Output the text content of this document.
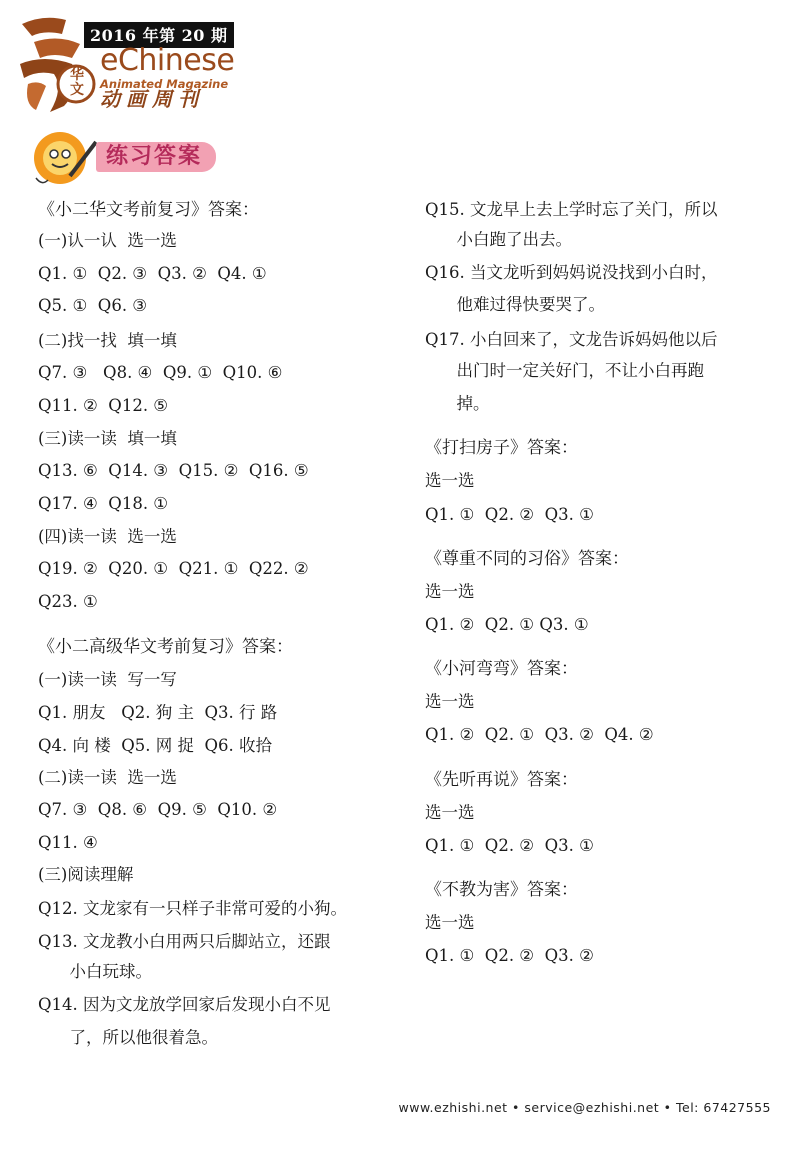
华文
2016 年第 20 期
eChinese
Animated Magazine
动画周刊
练习答案
《小二华文考前复习》答案：
(一)认一认  选一选
Q1. ①  Q2. ③  Q3. ②  Q4. ①
Q5. ①  Q6. ③
(二)找一找  填一填
Q7. ③   Q8. ④  Q9. ①  Q10. ⑥
Q11. ②  Q12. ⑤
(三)读一读  填一填
Q13. ⑥  Q14. ③  Q15. ②  Q16. ⑤
Q17. ④  Q18. ①
(四)读一读  选一选
Q19. ②  Q20. ①  Q21. ①  Q22. ②
Q23. ①
《小二高级华文考前复习》答案：
(一)读一读  写一写
Q1. 朋友   Q2. 狗 主  Q3. 行 路
Q4. 向 楼  Q5. 网 捉  Q6. 收拾
(二)读一读  选一选
Q7. ③  Q8. ⑥  Q9. ⑤  Q10. ②
Q11. ④
(三)阅读理解
Q12. 文龙家有一只样子非常可爱的小狗。
Q13. 文龙教小白用两只后脚站立，还跟
小白玩球。
Q14. 因为文龙放学回家后发现小白不见
了，所以他很着急。
Q15. 文龙早上去上学时忘了关门，所以
小白跑了出去。
Q16. 当文龙听到妈妈说没找到小白时，
他难过得快要哭了。
Q17. 小白回来了，文龙告诉妈妈他以后
出门时一定关好门，不让小白再跑
掉。
《打扫房子》答案：
选一选
Q1. ①  Q2. ②  Q3. ①
《尊重不同的习俗》答案：
选一选
Q1. ②  Q2. ① Q3. ①
《小河弯弯》答案：
选一选
Q1. ②  Q2. ①  Q3. ②  Q4. ②
《先听再说》答案：
选一选
Q1. ①  Q2. ②  Q3. ①
《不教为害》答案：
选一选
Q1. ①  Q2. ②  Q3. ②
www.ezhishi.net • service@ezhishi.net • Tel: 67427555
